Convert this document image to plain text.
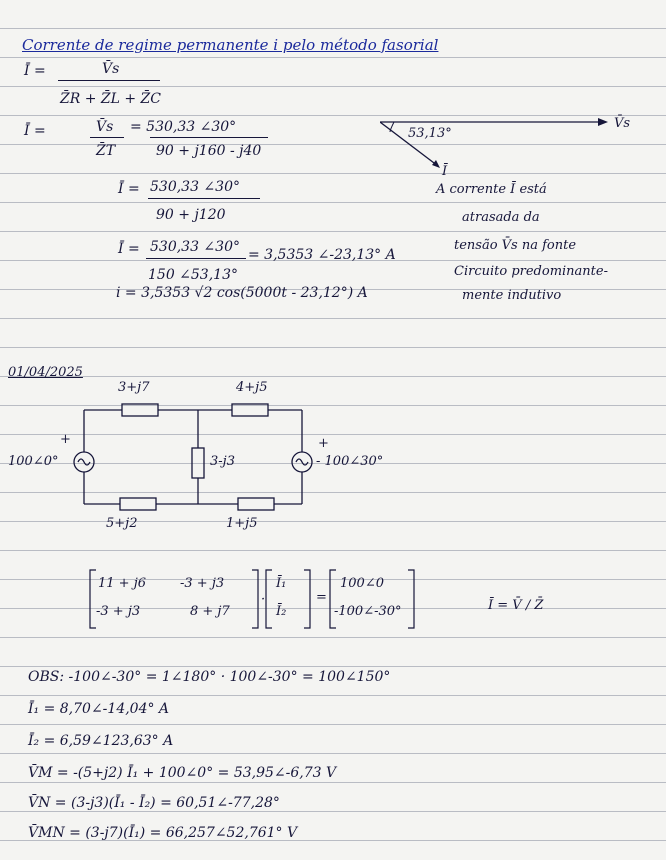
Corrente de regime permanente i pelo método fasorial
Ī =	V̄s
Z̄R + Z̄L + Z̄C
Ī =	V̄s
Z̄T
= 530,33 ∠30°
90 + j160 - j40
Ī = 530,33 ∠30°
90 + j120
Ī = 530,33 ∠30°
150 ∠53,13°
= 3,5353 ∠-23,13° A
i = 3,5353 √2 cos(5000t - 23,12°) A
53,13°
V̄s
Ī
A corrente Ī está
atrasada da
tensão V̄s na fonte
Circuito predominante-
mente indutivo
01/04/2025
3+j7	4+j5
3-j3
5+j2	1+j5
100∠0°	- 100∠30°
+	+
11 + j6	-3 + j3
-3 + j3	8 + j7
·
Ī₁
Ī₂
=
100∠0
-100∠-30°	Ī = V̄ / Z̄
OBS: -100∠-30° = 1∠180° · 100∠-30° = 100∠150°
Ī₁ = 8,70∠-14,04° A
Ī₂ = 6,59∠123,63° A
V̄M = -(5+j2) Ī₁ + 100∠0° = 53,95∠-6,73 V
V̄N = (3-j3)(Ī₁ - Ī₂) = 60,51∠-77,28°
V̄MN = (3-j7)(Ī₁) = 66,257∠52,761° V
